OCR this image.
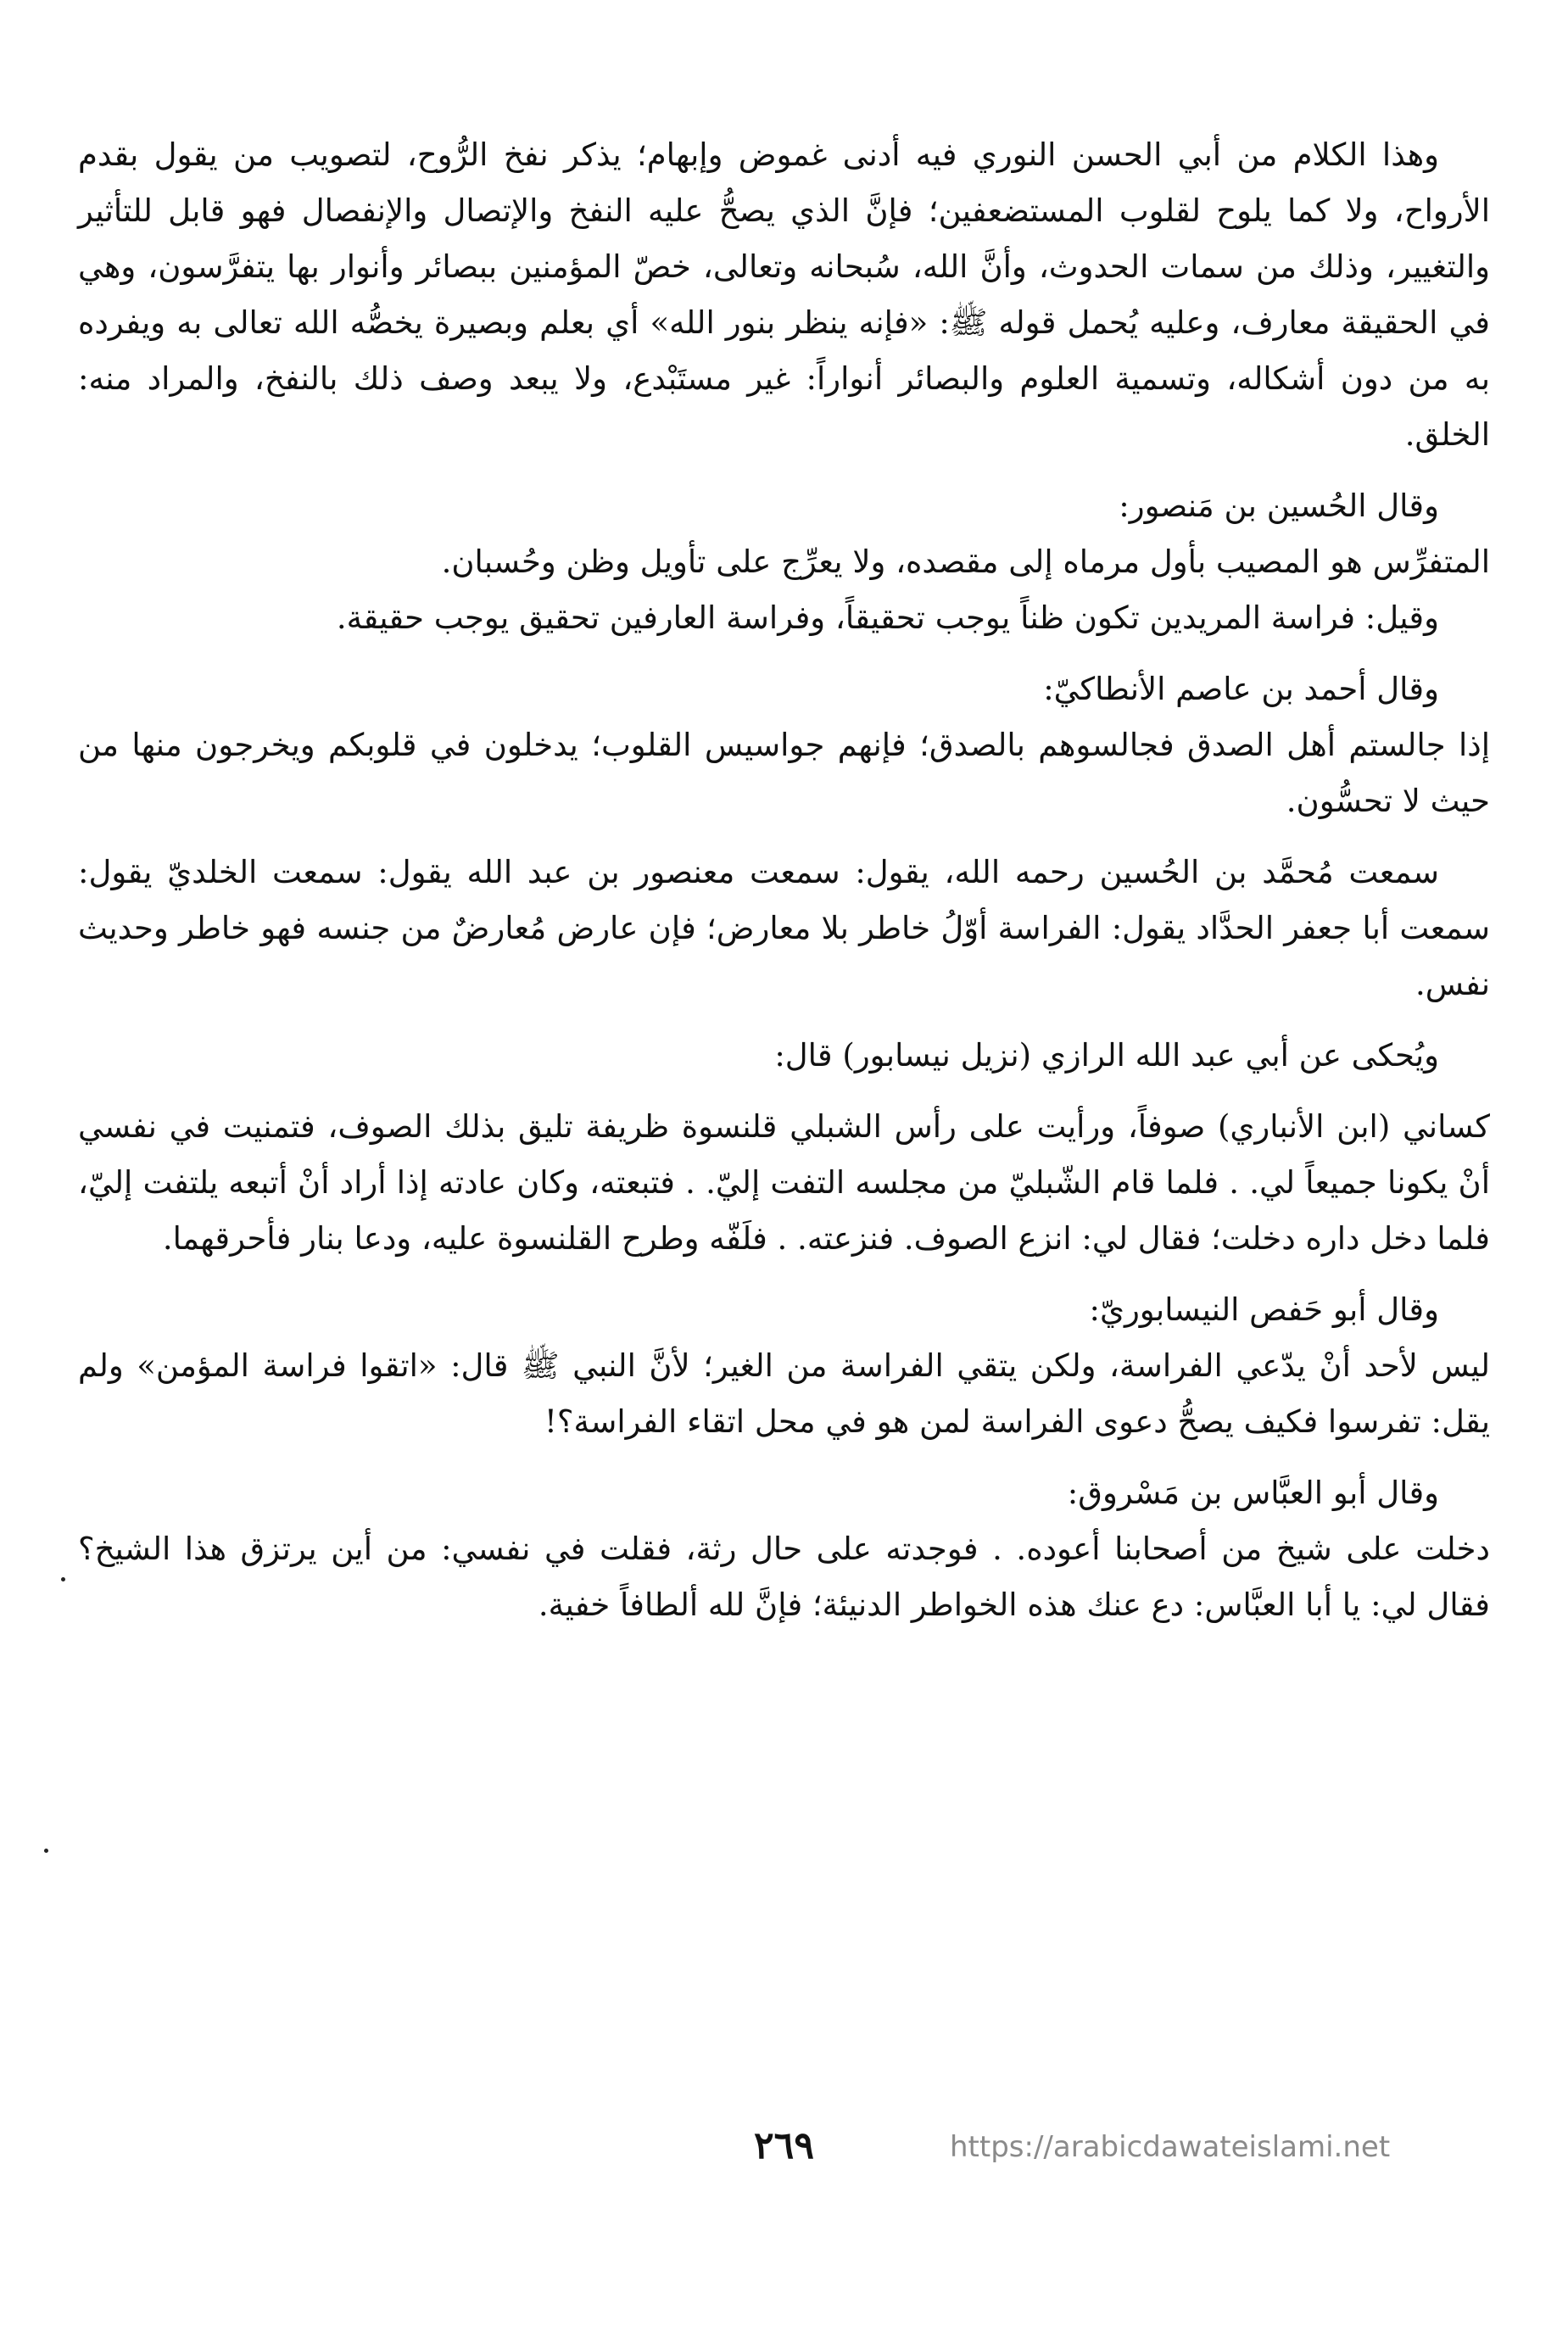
وهذا الكلام من أبي الحسن النوري فيه أدنى غموض وإبهام؛ يذكر نفخ الرُّوح، لتصويب من يقول بقدم الأرواح، ولا كما يلوح لقلوب المستضعفين؛ فإنَّ الذي يصحُّ عليه النفخ والإتصال والإنفصال فهو قابل للتأثير والتغيير، وذلك من سمات الحدوث، وأنَّ الله، سُبحانه وتعالى، خصّ المؤمنين ببصائر وأنوار بها يتفرَّسون، وهي في الحقيقة معارف، وعليه يُحمل قوله ﷺ: «فإنه ينظر بنور الله» أي بعلم وبصيرة يخصُّه الله تعالى به ويفرده به من دون أشكاله، وتسمية العلوم والبصائر أنواراً: غير مستَبْدع، ولا يبعد وصف ذلك بالنفخ، والمراد منه: الخلق.

وقال الحُسين بن مَنصور:

المتفرِّس هو المصيب بأول مرماه إلى مقصده، ولا يعرِّج على تأويل وظن وحُسبان.

وقيل: فراسة المريدين تكون ظناً يوجب تحقيقاً، وفراسة العارفين تحقيق يوجب حقيقة.

وقال أحمد بن عاصم الأنطاكيّ:

إذا جالستم أهل الصدق فجالسوهم بالصدق؛ فإنهم جواسيس القلوب؛ يدخلون في قلوبكم ويخرجون منها من حيث لا تحسُّون.

سمعت مُحمَّد بن الحُسين رحمه الله، يقول: سمعت معنصور بن عبد الله يقول: سمعت الخلديّ يقول: سمعت أبا جعفر الحدَّاد يقول: الفراسة أوّلُ خاطر بلا معارض؛ فإن عارض مُعارضٌ من جنسه فهو خاطر وحديث نفس.

ويُحكى عن أبي عبد الله الرازي (نزيل نيسابور) قال:

كساني (ابن الأنباري) صوفاً، ورأيت على رأس الشبلي قلنسوة ظريفة تليق بذلك الصوف، فتمنيت في نفسي أنْ يكونا جميعاً لي. . فلما قام الشّبليّ من مجلسه التفت إليّ. . فتبعته، وكان عادته إذا أراد أنْ أتبعه يلتفت إليّ، فلما دخل داره دخلت؛ فقال لي: انزع الصوف. فنزعته. . فلَفّه وطرح القلنسوة عليه، ودعا بنار فأحرقهما.

وقال أبو حَفص النيسابوريّ:

ليس لأحد أنْ يدّعي الفراسة، ولكن يتقي الفراسة من الغير؛ لأنَّ النبي ﷺ قال: «اتقوا فراسة المؤمن» ولم يقل: تفرسوا فكيف يصحُّ دعوى الفراسة لمن هو في محل اتقاء الفراسة؟!

وقال أبو العبَّاس بن مَسْروق:

دخلت على شيخ من أصحابنا أعوده. . فوجدته على حال رثة، فقلت في نفسي: من أين يرتزق هذا الشيخ؟ فقال لي: يا أبا العبَّاس: دع عنك هذه الخواطر الدنيئة؛ فإنَّ لله ألطافاً خفية.

٢٦٩	https://arabicdawateislami.net
